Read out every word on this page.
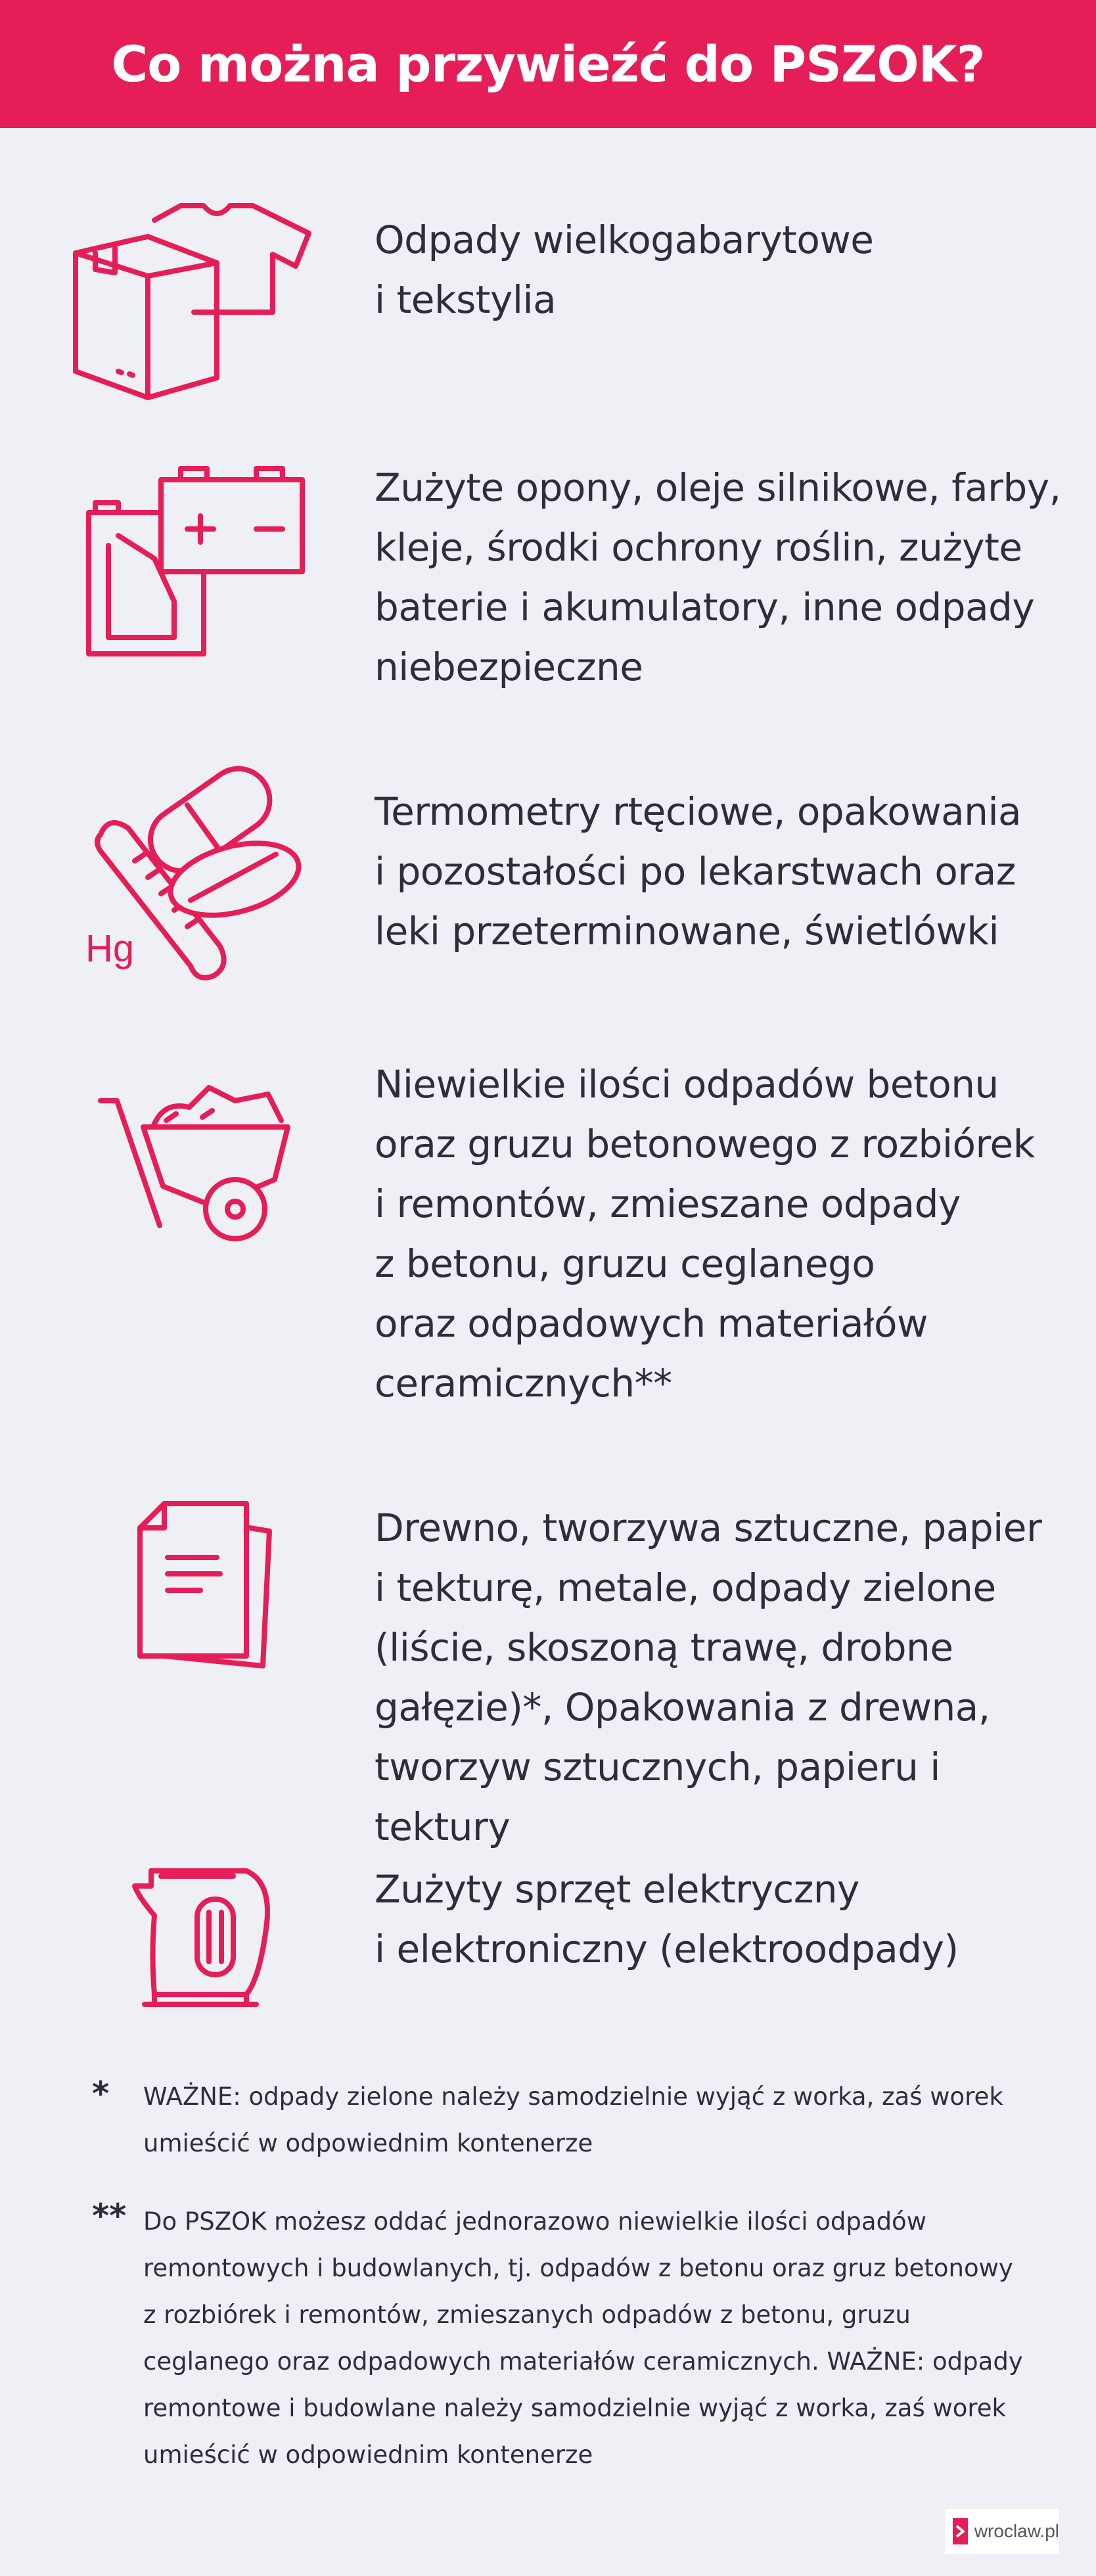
Co można przywieźć do PSZOK?
Odpady wielkogabarytowe
i tekstylia
Zużyte opony, oleje silnikowe, farby,
kleje, środki ochrony roślin, zużyte
baterie i akumulatory, inne odpady
niebezpieczne
Hg
Termometry rtęciowe, opakowania
i pozostałości po lekarstwach oraz
leki przeterminowane, świetlówki
Niewielkie ilości odpadów betonu
oraz gruzu betonowego z rozbiórek
i remontów, zmieszane odpady
z betonu, gruzu ceglanego
oraz odpadowych materiałów
ceramicznych**
Drewno, tworzywa sztuczne, papier
i tekturę, metale, odpady zielone
(liście, skoszoną trawę, drobne
gałęzie)*, Opakowania z drewna,
tworzyw sztucznych, papieru i tektury
Zużyty sprzęt elektryczny
i elektroniczny (elektroodpady)
* WAŻNE: odpady zielone należy samodzielnie wyjąć z worka, zaś worek
umieścić w odpowiednim kontenerze
** Do PSZOK możesz oddać jednorazowo niewielkie ilości odpadów
remontowych i budowlanych, tj. odpadów z betonu oraz gruz betonowy
z rozbiórek i remontów, zmieszanych odpadów z betonu, gruzu
ceglanego oraz odpadowych materiałów ceramicznych. WAŻNE: odpady
remontowe i budowlane należy samodzielnie wyjąć z worka, zaś worek
umieścić w odpowiednim kontenerze
wroclaw.pl
